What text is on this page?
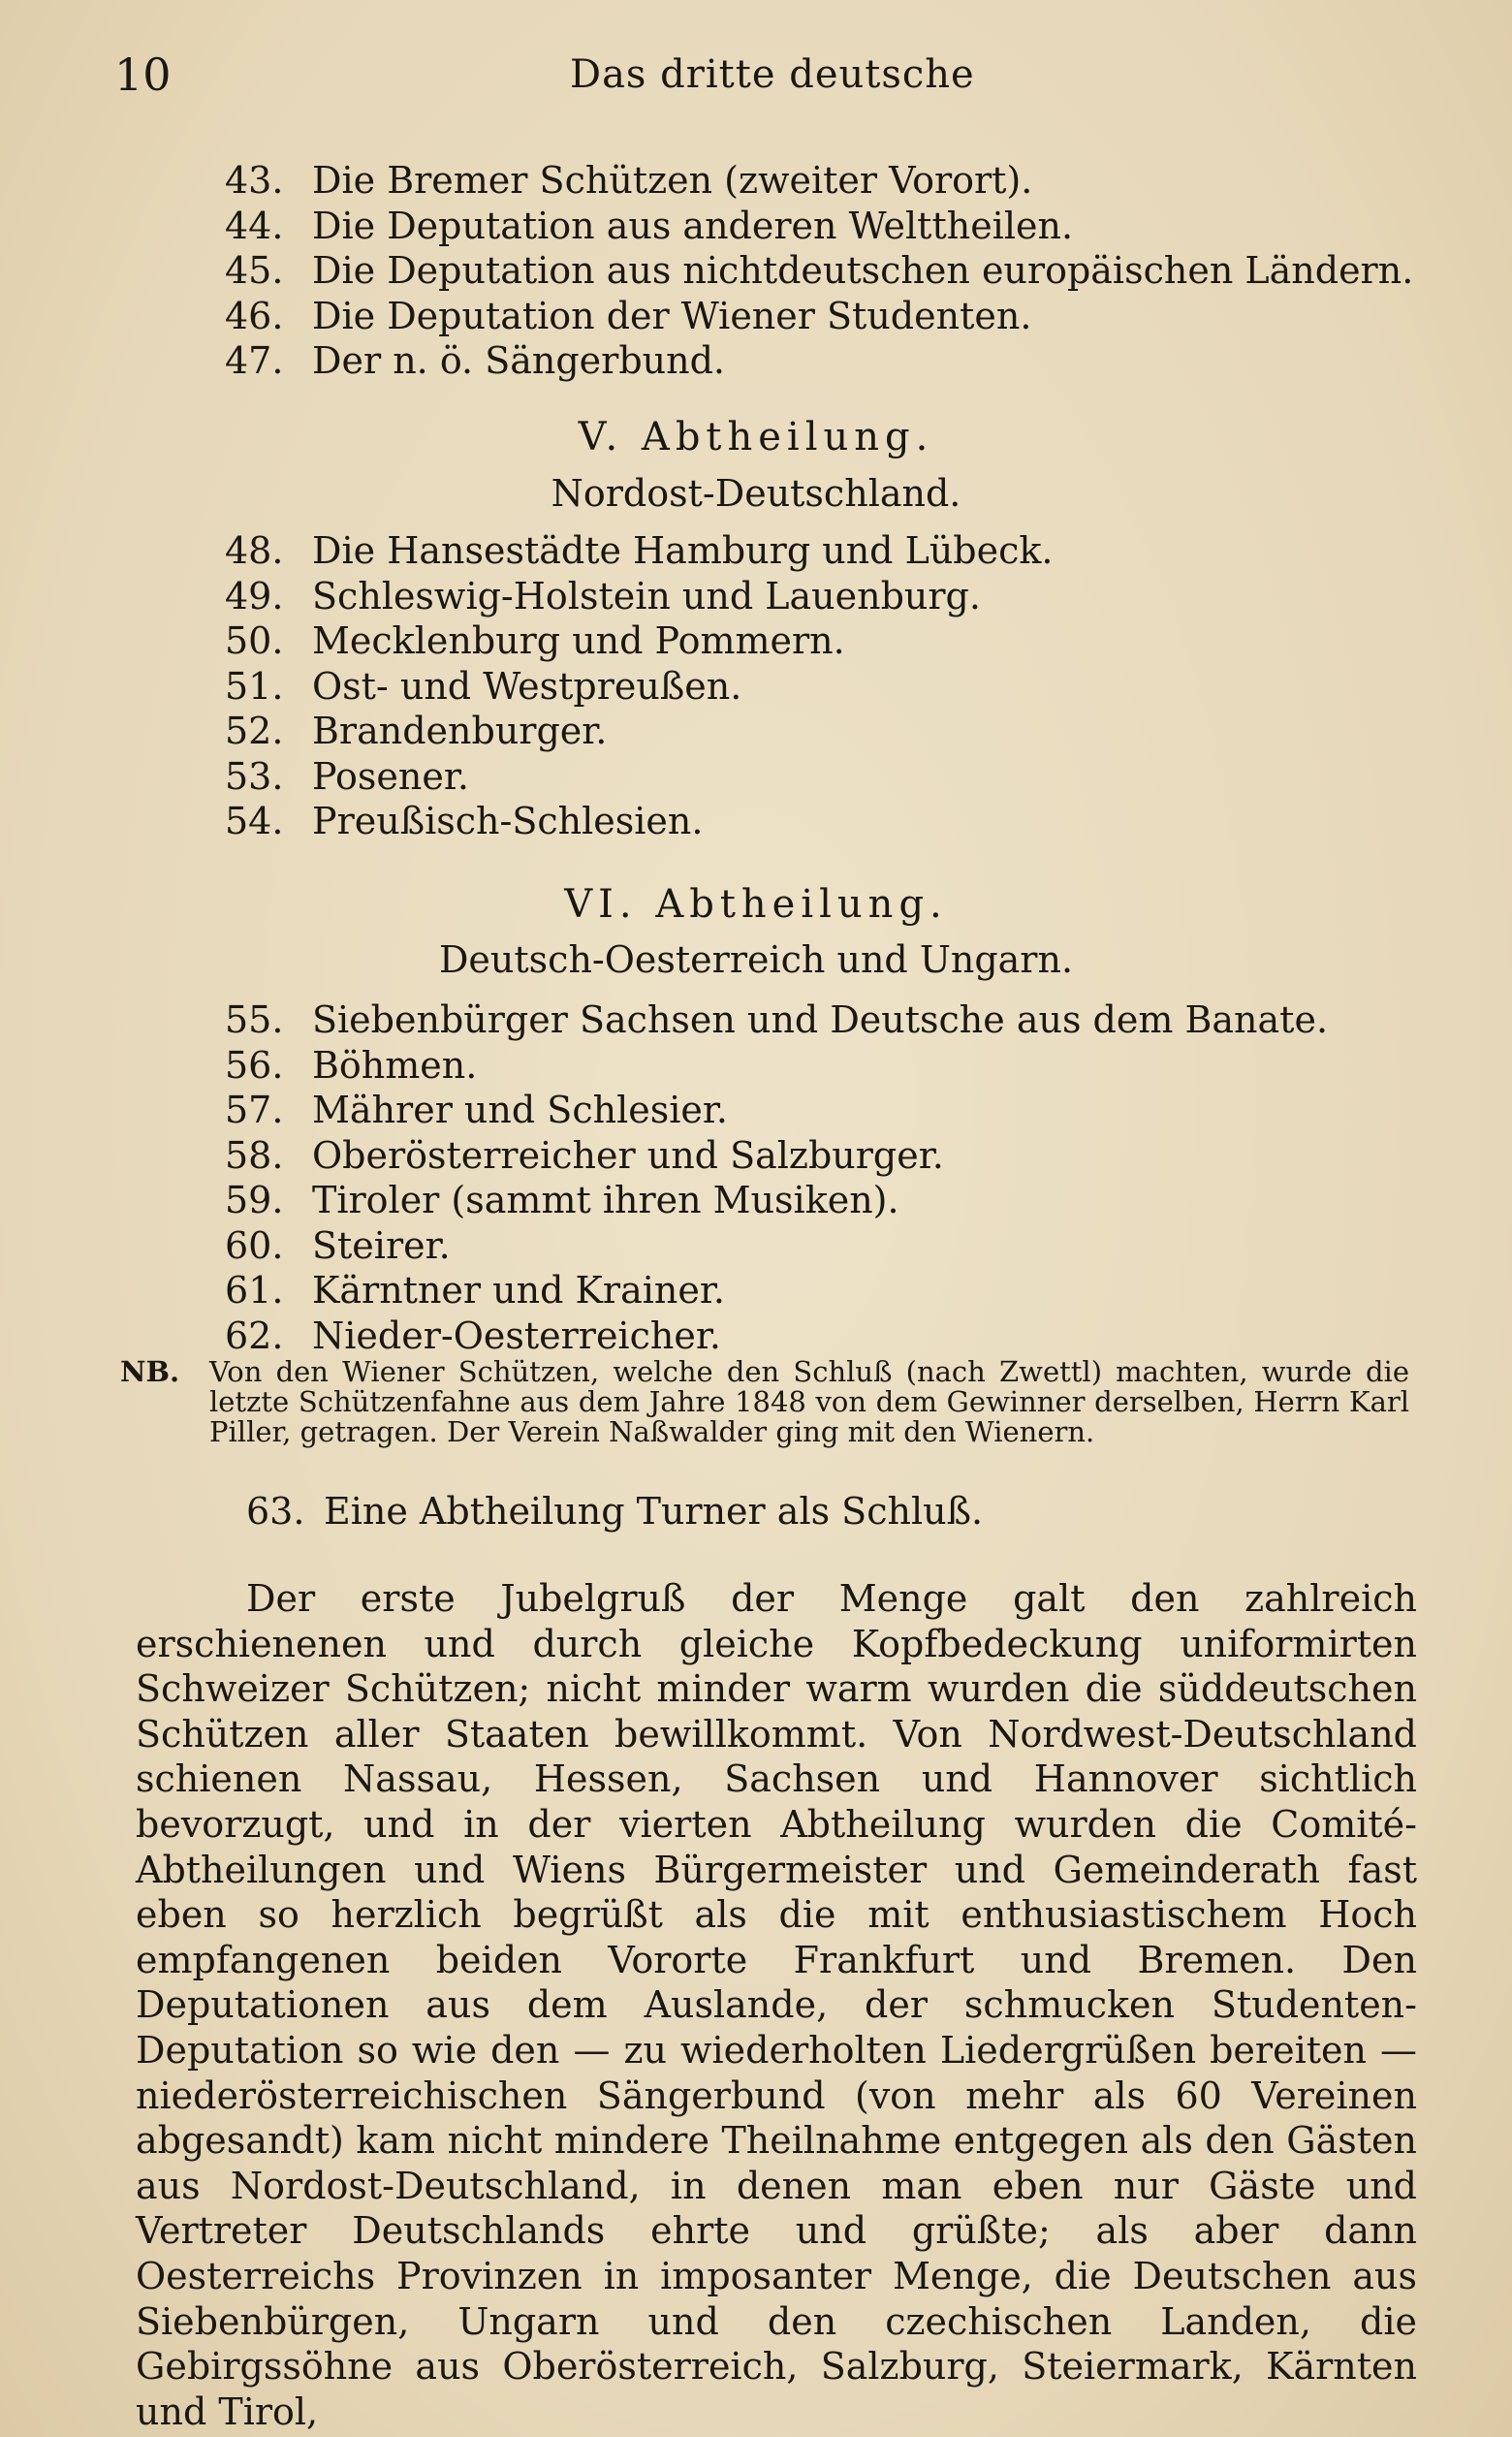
10	Das dritte deutsche
43. Die Bremer Schützen (zweiter Vorort).
44. Die Deputation aus anderen Welttheilen.
45. Die Deputation aus nichtdeutschen europäischen Ländern.
46. Die Deputation der Wiener Studenten.
47. Der n. ö. Sängerbund.
V. Abtheilung.
Nordost-Deutschland.
48. Die Hansestädte Hamburg und Lübeck.
49. Schleswig-Holstein und Lauenburg.
50. Mecklenburg und Pommern.
51. Ost- und Westpreußen.
52. Brandenburger.
53. Posener.
54. Preußisch-Schlesien.
VI. Abtheilung.
Deutsch-Oesterreich und Ungarn.
55. Siebenbürger Sachsen und Deutsche aus dem Banate.
56. Böhmen.
57. Mährer und Schlesier.
58. Oberösterreicher und Salzburger.
59. Tiroler (sammt ihren Musiken).
60. Steirer.
61. Kärntner und Krainer.
62. Nieder-Oesterreicher.
NB. Von den Wiener Schützen, welche den Schluß (nach Zwettl) machten, wurde die letzte Schützenfahne aus dem Jahre 1848 von dem Gewinner derselben, Herrn Karl Piller, getragen. Der Verein Naßwalder ging mit den Wienern.
63. Eine Abtheilung Turner als Schluß.
Der erste Jubelgruß der Menge galt den zahlreich erschienenen und durch gleiche Kopfbedeckung uniformirten Schweizer Schützen; nicht minder warm wurden die süddeutschen Schützen aller Staaten bewillkommt. Von Nordwest-Deutschland schienen Nassau, Hessen, Sachsen und Hannover sichtlich bevorzugt, und in der vierten Abtheilung wurden die Comité-Abtheilungen und Wiens Bürgermeister und Gemeinderath fast eben so herzlich begrüßt als die mit enthusiastischem Hoch empfangenen beiden Vororte Frankfurt und Bremen. Den Deputationen aus dem Auslande, der schmucken Studenten-Deputation so wie den — zu wiederholten Liedergrüßen bereiten — niederösterreichischen Sängerbund (von mehr als 60 Vereinen abgesandt) kam nicht mindere Theilnahme entgegen als den Gästen aus Nordost-Deutschland, in denen man eben nur Gäste und Vertreter Deutschlands ehrte und grüßte; als aber dann Oesterreichs Provinzen in imposanter Menge, die Deutschen aus Siebenbürgen, Ungarn und den czechischen Landen, die Gebirgssöhne aus Oberösterreich, Salzburg, Steiermark, Kärnten und Tirol,
